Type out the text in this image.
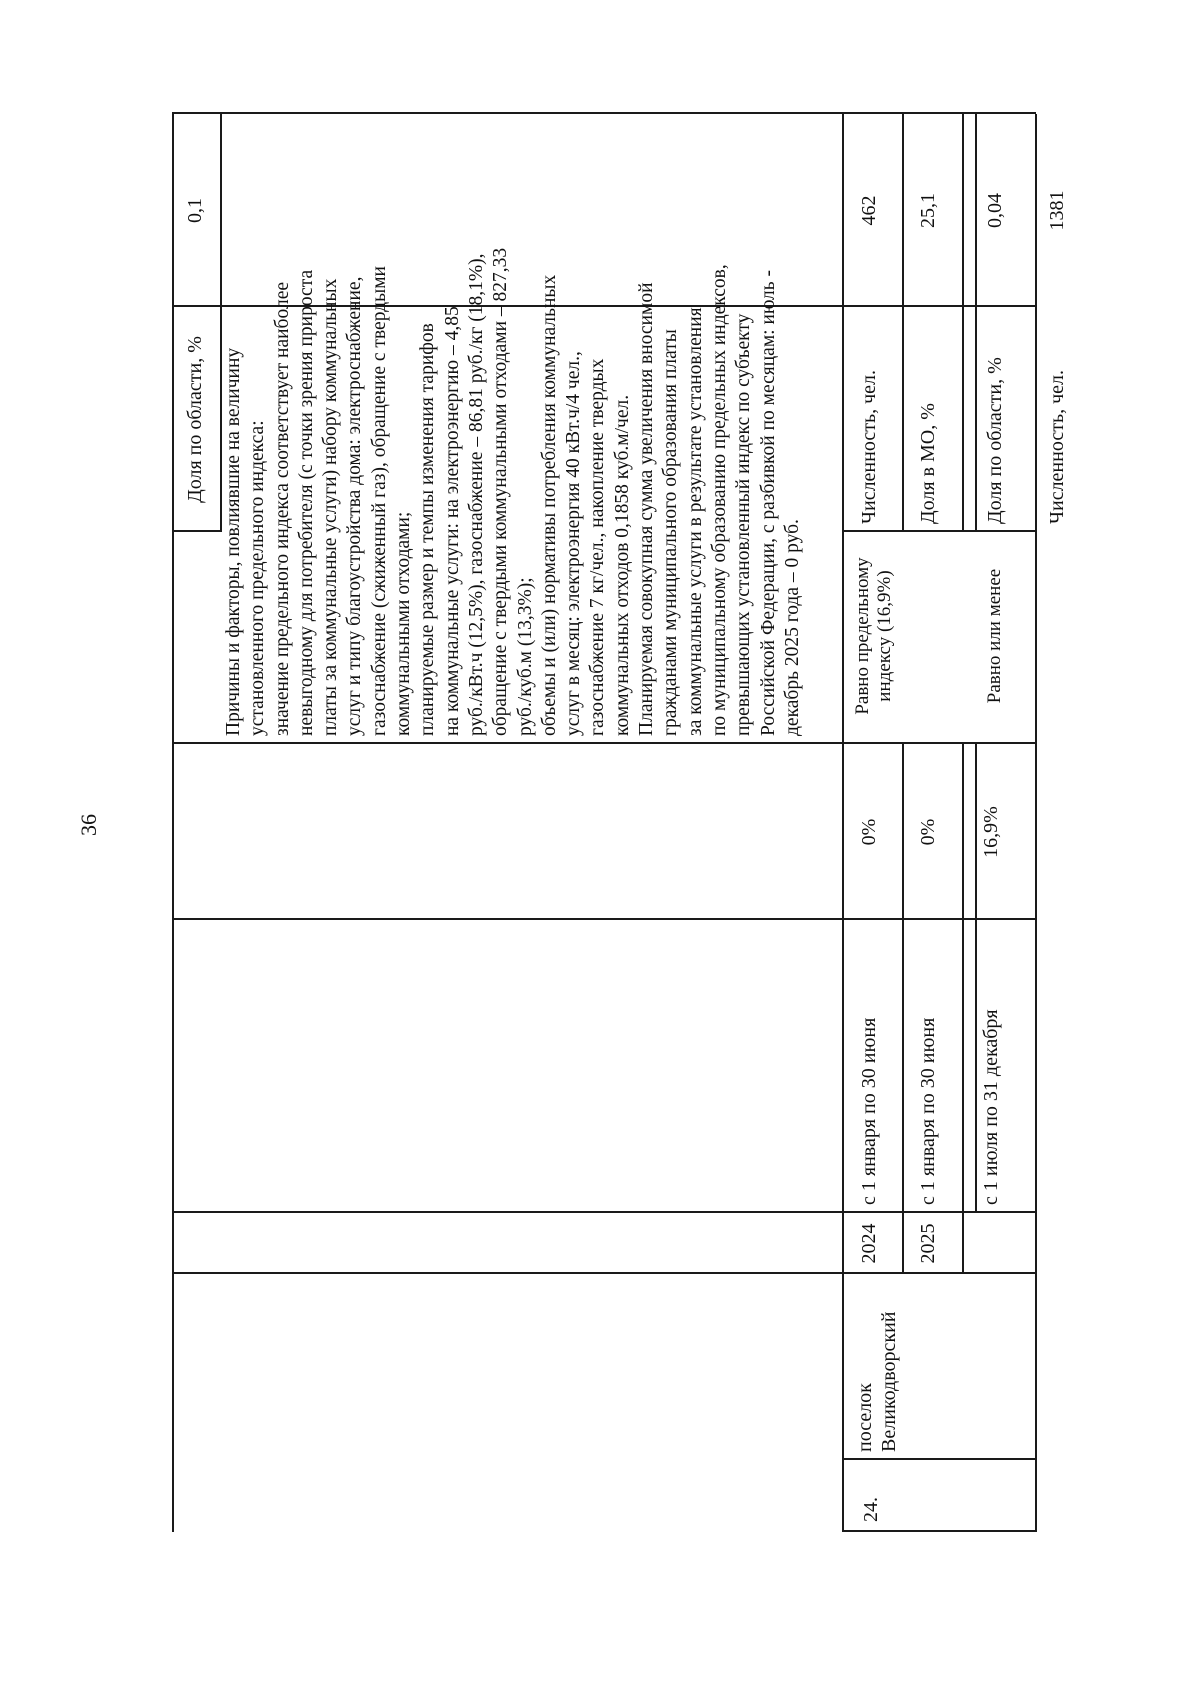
36
Доля по области, %
0,1

Причины и факторы, повлиявшие на величину установленного предельного индекса: значение предельного индекса соответствует наиболее невыгодному для потребителя (с точки зрения прироста платы за коммунальные услуги) набору коммунальных услуг и типу благоустройства дома: электроснабжение, газоснабжение (сжиженный газ), обращение с твердыми коммунальными отходами; планируемые размер и темпы изменения тарифов на коммунальные услуги: на электроэнергию – 4,85 руб./кВт.ч (12,5%), газоснабжение – 86,81 руб./кг (18,1%), обращение с твердыми коммунальными отходами – 827,33 руб./куб.м (13,3%); объемы и (или) нормативы потребления коммунальных услуг в месяц: электроэнергия 40 кВт.ч/4 чел., газоснабжение 7 кг/чел., накопление твердых коммунальных отходов 0,1858 куб.м/чел. Планируемая совокупная сумма увеличения вносимой гражданами муниципального образования платы за коммунальные услуги в результате установления по муниципальному образованию предельных индексов, превышающих установленный индекс по субъекту Российской Федерации, с разбивкой по месяцам: июль - декабрь 2025 года – 0 руб.

24.
поселок Великодворский
2024 2025
с 1 января по 30 июня с 1 января по 30 июня с 1 июля по 31 декабря
0% 0% 16,9%
Равно предельному индексу (16,9%)	Равно или менее
Численность, чел. Доля в МО, % Доля по области, %
462 25,1 0,04
Численность, чел.
1381
